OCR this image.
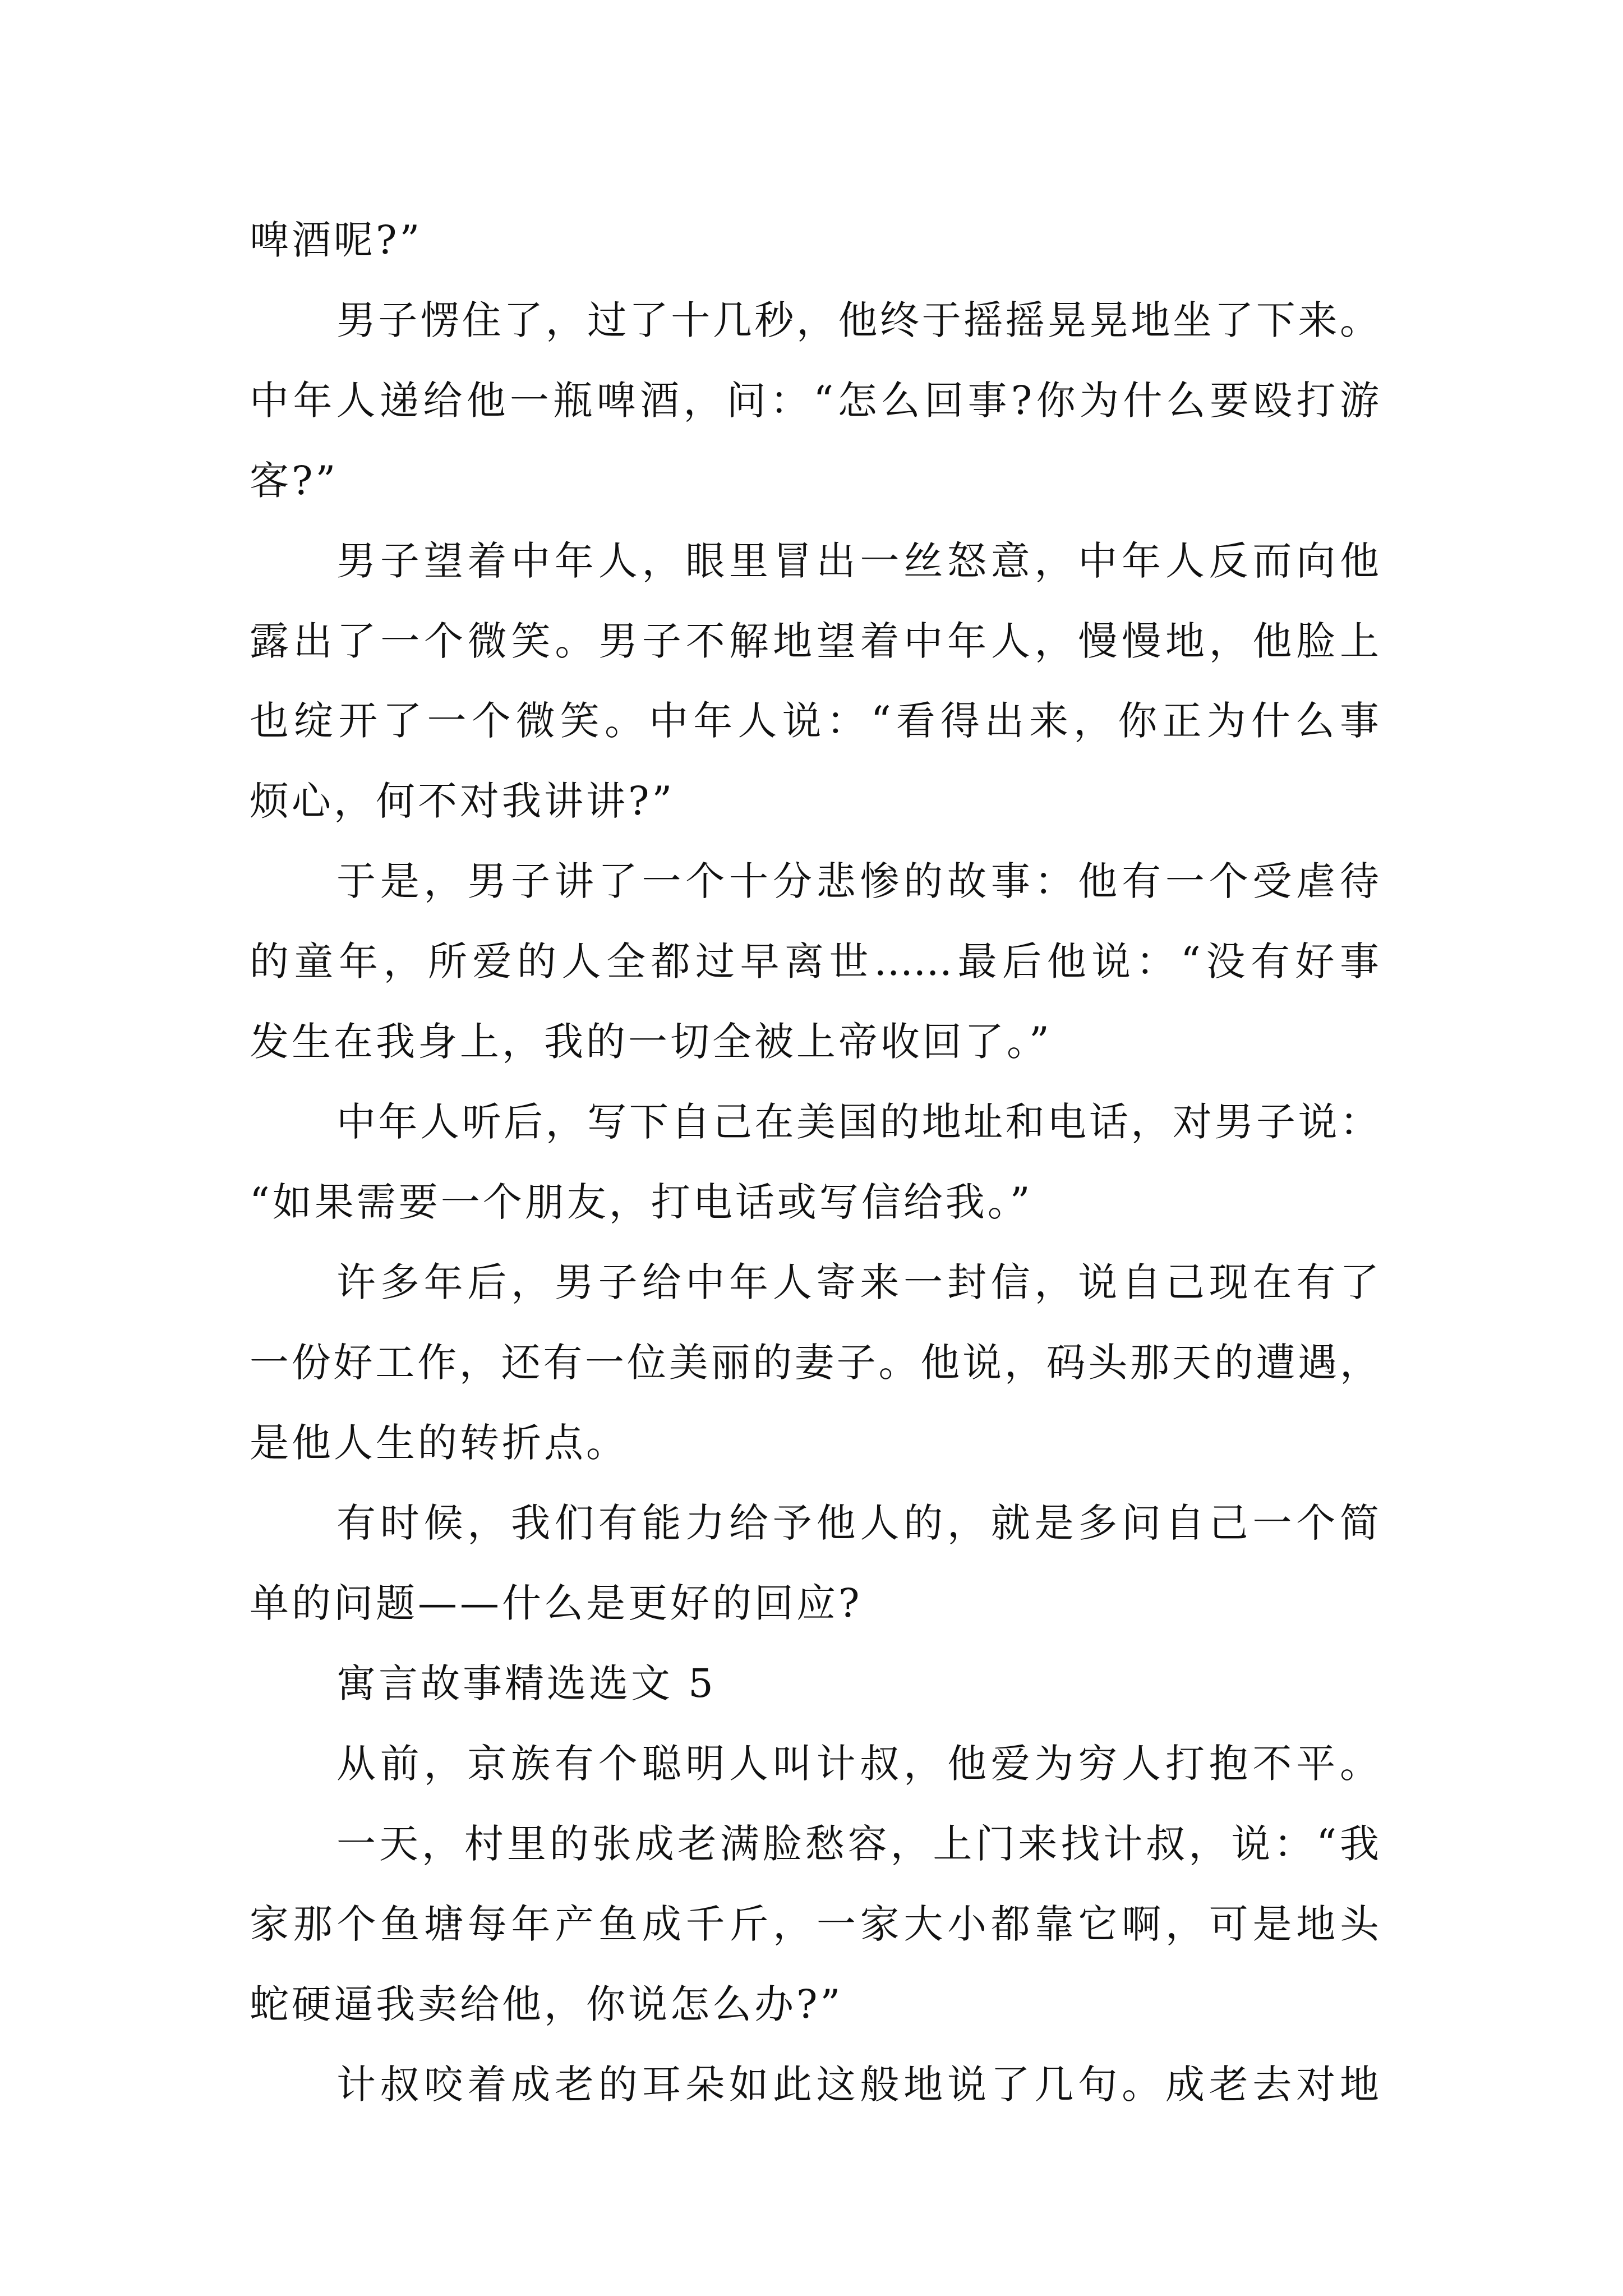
啤酒呢?”
男子愣住了，过了十几秒，他终于摇摇晃晃地坐了下来。
中年人递给他一瓶啤酒，问：“怎么回事?你为什么要殴打游
客?”
男子望着中年人，眼里冒出一丝怒意，中年人反而向他
露出了一个微笑。男子不解地望着中年人，慢慢地，他脸上
也绽开了一个微笑。中年人说：“看得出来，你正为什么事
烦心，何不对我讲讲?”
于是，男子讲了一个十分悲惨的故事：他有一个受虐待
的童年，所爱的人全都过早离世……最后他说：“没有好事
发生在我身上，我的一切全被上帝收回了。”
中年人听后，写下自己在美国的地址和电话，对男子说：
“如果需要一个朋友，打电话或写信给我。”
许多年后，男子给中年人寄来一封信，说自己现在有了
一份好工作，还有一位美丽的妻子。他说，码头那天的遭遇，
是他人生的转折点。
有时候，我们有能力给予他人的，就是多问自己一个简
单的问题——什么是更好的回应?
寓言故事精选选文 5
从前，京族有个聪明人叫计叔，他爱为穷人打抱不平。
一天，村里的张成老满脸愁容，上门来找计叔，说：“我
家那个鱼塘每年产鱼成千斤，一家大小都靠它啊，可是地头
蛇硬逼我卖给他，你说怎么办?”
计叔咬着成老的耳朵如此这般地说了几句。成老去对地
